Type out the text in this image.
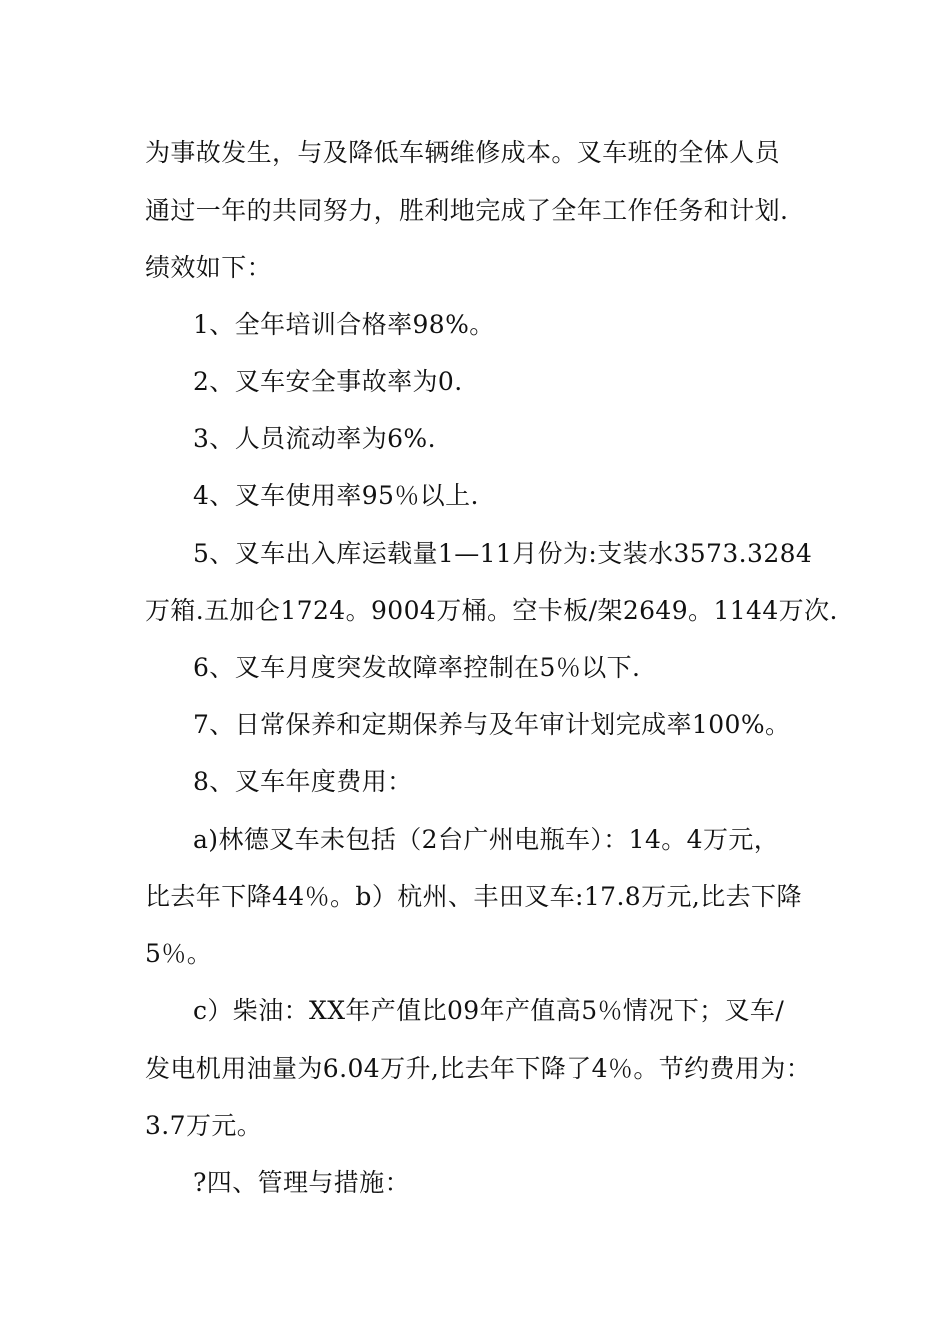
为事故发生，与及降低车辆维修成本。叉车班的全体人员
通过一年的共同努力，胜利地完成了全年工作任务和计划.
绩效如下：
1、全年培训合格率98%。
2、叉车安全事故率为0.
3、人员流动率为6%.
4、叉车使用率95％以上.
5、叉车出入库运载量1—11月份为:支装水3573.3284
万箱.五加仑1724。9004万桶。空卡板/架2649。1144万次.
6、叉车月度突发故障率控制在5％以下.
7、日常保养和定期保养与及年审计划完成率100%。
8、叉车年度费用：
a)林德叉车未包括（2台广州电瓶车）：14。4万元，
比去年下降44％。b）杭州、丰田叉车:17.8万元,比去下降
5％。
c）柴油：XX年产值比09年产值高5％情况下；叉车/
发电机用油量为6.04万升,比去年下降了4％。节约费用为：
3.7万元。
?四、管理与措施：
